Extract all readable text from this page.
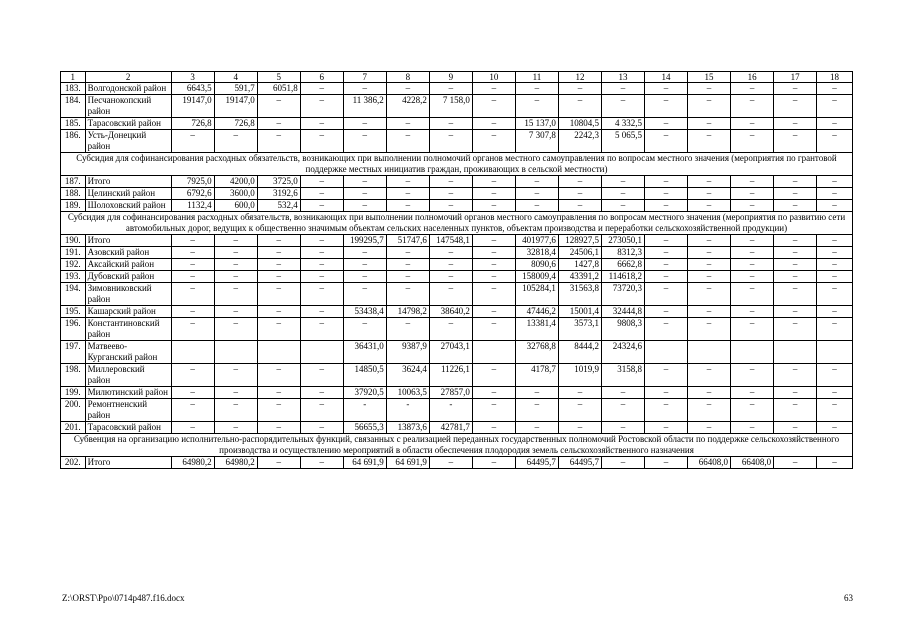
1	2	3	4	5	6	7	8	9	10	11	12	13	14	15	16	17	18
183.	Волгодонской район	6643,5	591,7	6051,8	–	–	–	–	–	–	–	–	–	–	–	–	–
184.	Песчанокопский район	19147,0	19147,0	–	–	11 386,2	4228,2	7 158,0	–	–	–	–	–	–	–	–	–
185.	Тарасовский район	726,8	726,8	–	–	–	–	–	–	15 137,0	10804,5	4 332,5	–	–	–	–	–
186.	Усть-Донецкий район	–	–	–	–	–	–	–	–	7 307,8	2242,3	5 065,5	–	–	–	–	–
Субсидия для софинансирования расходных обязательств, возникающих при выполнении полномочий органов местного самоуправления по вопросам местного значения (мероприятия по грантовой поддержке местных инициатив граждан, проживающих в сельской местности)																	
187.	Итого	7925,0	4200,0	3725,0	–	–	–	–	–	–	–	–	–	–	–	–	–
188.	Целинский район	6792,6	3600,0	3192,6	–	–	–	–	–	–	–	–	–	–	–	–	–
189.	Шолоховский район	1132,4	600,0	532,4	–	–	–	–	–	–	–	–	–	–	–	–	–
Субсидия для софинансирования расходных обязательств, возникающих при выполнении полномочий органов местного самоуправления по вопросам местного значения (мероприятия по развитию сети автомобильных дорог, ведущих к общественно значимым объектам сельских населенных пунктов, объектам производства и переработки сельскохозяйственной продукции)																	
190.	Итого	–	–	–	–	199295,7	51747,6	147548,1	–	401977,6	128927,5	273050,1	–	–	–	–	–
191.	Азовский район	–	–	–	–	–	–	–	–	32818,4	24506,1	8312,3	–	–	–	–	–
192.	Аксайский район	–	–	–	–	–	–	–	–	8090,6	1427,8	6662,8	–	–	–	–	–
193.	Дубовский район	–	–	–	–	–	–	–	–	158009,4	43391,2	114618,2	–	–	–	–	–
194.	Зимовниковский район	–	–	–	–	–	–	–	–	105284,1	31563,8	73720,3	–	–	–	–	–
195.	Кашарский район	–	–	–	–	53438,4	14798,2	38640,2	–	47446,2	15001,4	32444,8	–	–	–	–	–
196.	Константиновский район	–	–	–	–	–	–	–	–	13381,4	3573,1	9808,3	–	–	–	–	–
197.	Матвеево-Курганский район					36431,0	9387,9	27043,1		32768,8	8444,2	24324,6					
198.	Миллеровский район	–	–	–	–	14850,5	3624,4	11226,1	–	4178,7	1019,9	3158,8	–	–	–	–	–
199.	Милютинский район	–	–	–	–	37920,5	10063,5	27857,0	–	–	–	–	–	–	–	–	–
200.	Ремонтненский район	–	–	–	–	-	-	-	–	–	–	–	–	–	–	–	–
201.	Тарасовский район	–	–	–	–	56655,3	13873,6	42781,7	–	–	–	–	–	–	–	–	–
Субвенция на организацию исполнительно-распорядительных функций, связанных с реализацией переданных государственных полномочий Ростовской области по поддержке сельскохозяйственного производства и осуществлению мероприятий в области обеспечения плодородия земель сельскохозяйственного назначения																	
202.	Итого	64980,2	64980,2	–	–	64 691,9	64 691,9	–	–	64495,7	64495,7	–	–	66408,0	66408,0	–	–
Z:\ORST\Ppo\0714p487.f16.docx	63
